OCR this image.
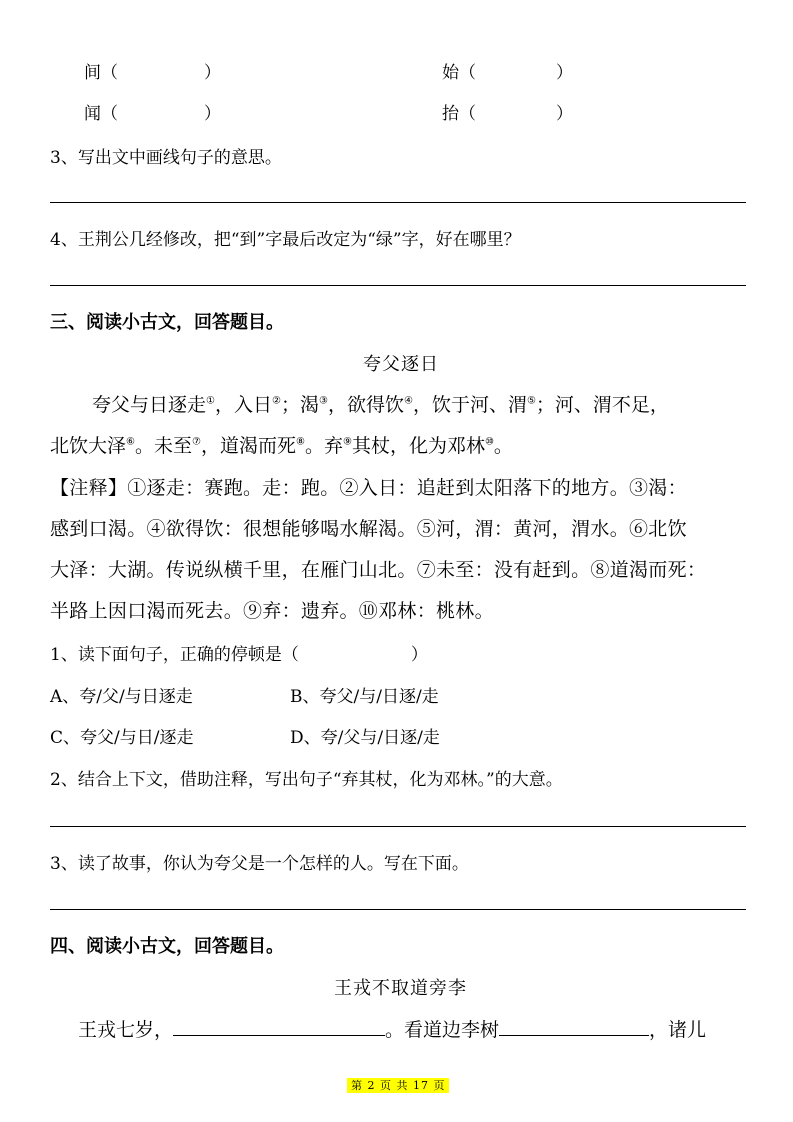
间（	）	始（	）
闻（	）	抬（	）
3、写出文中画线句子的意思。
4、王荆公几经修改，把“到”字最后改定为“绿”字，好在哪里？
三、阅读小古文，回答题目。
夸父逐日
夸父与日逐走①，入日②；渴③，欲得饮④，饮于河、渭⑤；河、渭不足，
北饮大泽⑥。未至⑦，道渴而死⑧。弃⑨其杖，化为邓林⑩。
【注释】①逐走：赛跑。走：跑。②入日：追赶到太阳落下的地方。③渴：
感到口渴。④欲得饮：很想能够喝水解渴。⑤河，渭：黄河，渭水。⑥北饮
大泽：大湖。传说纵横千里，在雁门山北。⑦未至：没有赶到。⑧道渴而死：
半路上因口渴而死去。⑨弃：遗弃。⑩邓林：桃林。
1、读下面句子，正确的停顿是（	）
A、夸/父/与日逐走	B、夸父/与/日逐/走
C、夸父/与日/逐走	D、夸/父与/日逐/走
2、结合上下文，借助注释，写出句子“弃其杖，化为邓林。”的大意。
3、读了故事，你认为夸父是一个怎样的人。写在下面。
四、阅读小古文，回答题目。
王戎不取道旁李
王戎七岁，	。看道边李树	，诸儿
第 2 页 共 17 页
